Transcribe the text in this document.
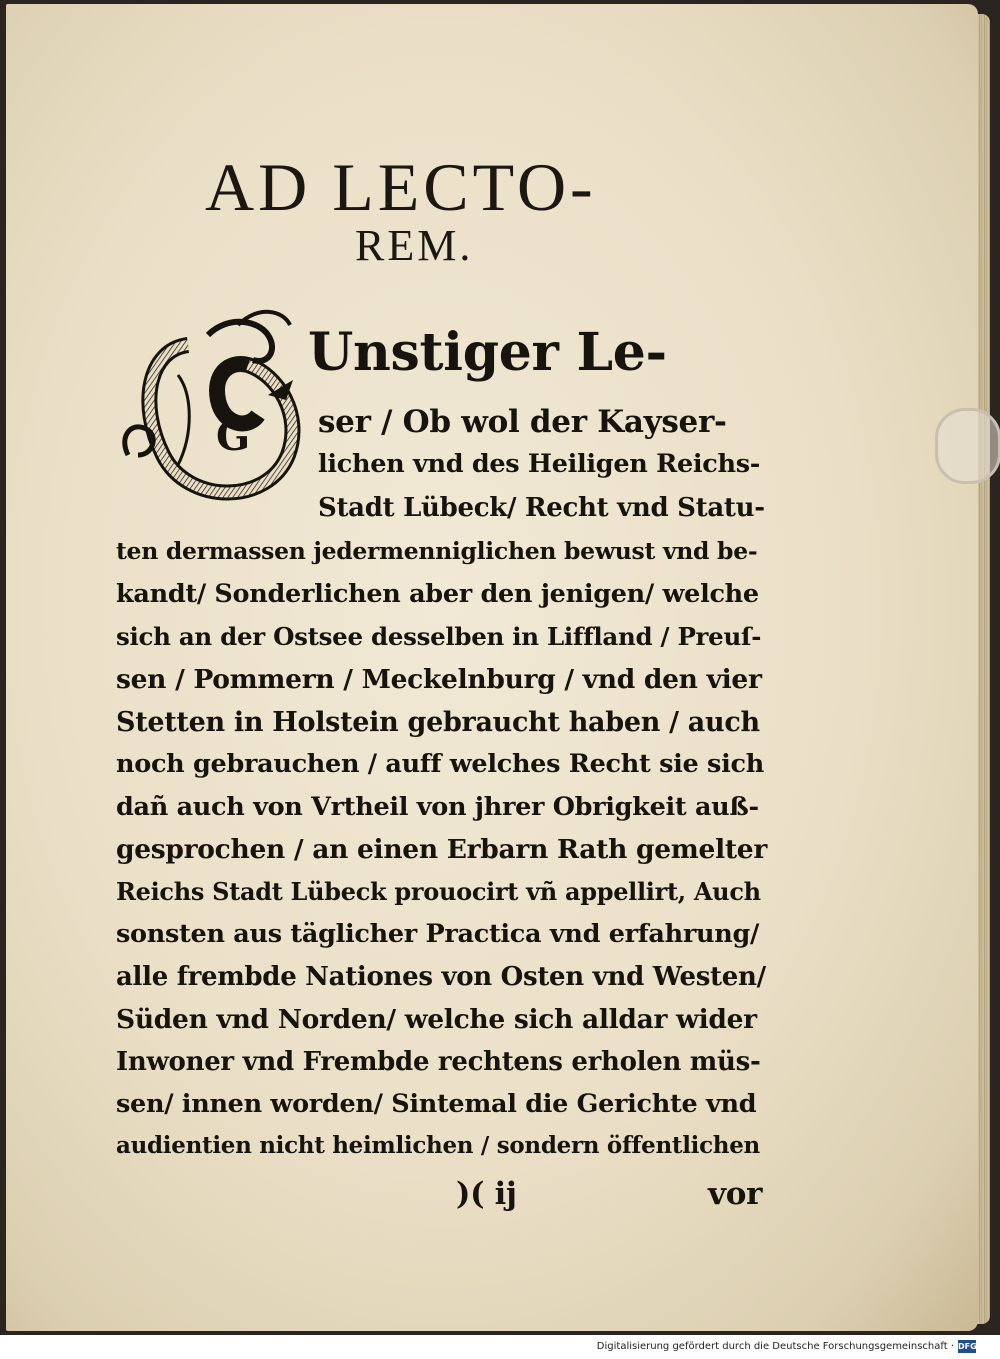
AD LECTO-
REM.
G
Unstiger Le-
ser / Ob wol der Kayser-
lichen vnd des Heiligen Reichs-
Stadt Lübeck/ Recht vnd Statu-
ten dermassen jedermenniglichen bewust vnd be-
kandt/ Sonderlichen aber den jenigen/ welche
sich an der Ostsee desselben in Liffland / Preuſ-
sen / Pommern / Meckelnburg / vnd den vier
Stetten in Holstein gebraucht haben / auch
noch gebrauchen / auff welches Recht sie sich
dañ auch von Vrtheil von jhrer Obrigkeit auß-
gesprochen / an einen Erbarn Rath gemelter
Reichs Stadt Lübeck prouocirt vñ appellirt, Auch
sonsten aus täglicher Practica vnd erfahrung/
alle frembde Nationes von Osten vnd Westen/
Süden vnd Norden/ welche sich alldar wider
Inwoner vnd Frembde rechtens erholen müs-
sen/ innen worden/ Sintemal die Gerichte vnd
audientien nicht heimlichen / sondern öffentlichen
)( ij	vor
Digitalisierung gefördert durch die Deutsche Forschungsgemeinschaft · DFG
